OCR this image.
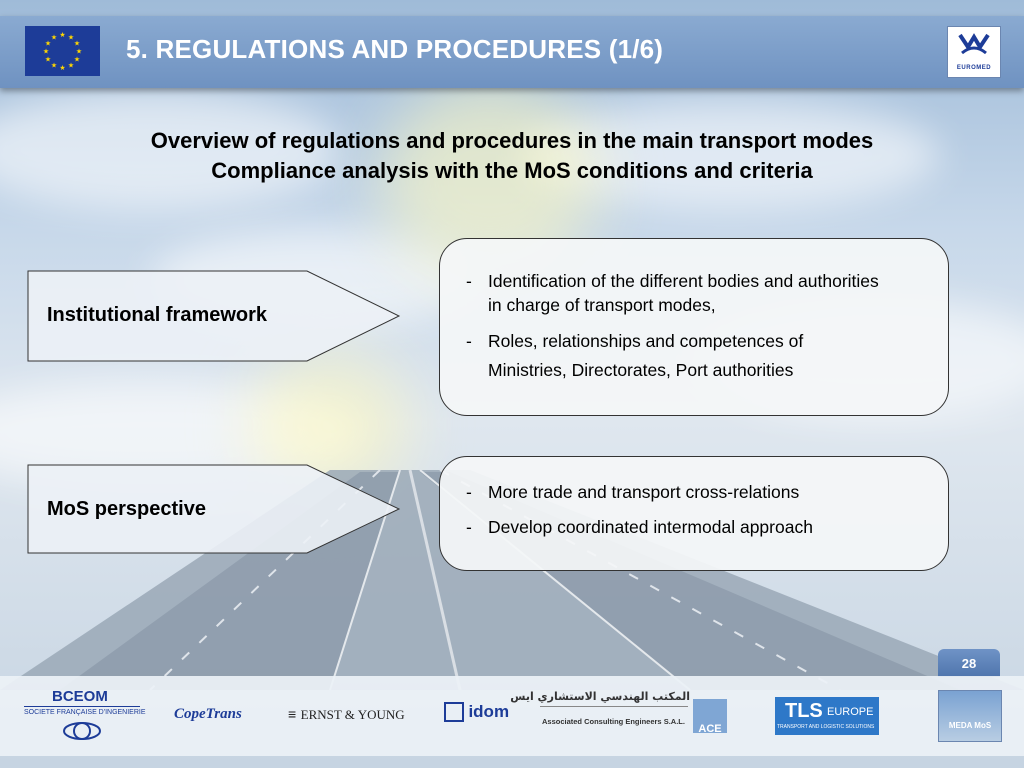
★ ★
★
★
★
★
★
★
★
★
★
★	5. REGULATIONS AND PROCEDURES (1/6)
EUROMED
Overview of regulations and procedures in the main transport modes
Compliance analysis with the MoS conditions and criteria
Institutional framework
- Identification of the different bodies and authorities
in charge of transport modes,
- Roles, relationships and competences of
Ministries, Directorates, Port authorities
MoS perspective
- More trade and transport cross-relations
- Develop coordinated intermodal approach
28
BCEOM
SOCIETE FRANÇAISE D'INGENIERIE CopeTrans	≡ ERNST & YOUNG	idom
المكتب الهندسي الاستشاري ايس
Associated Consulting Engineers S.A.L.
ACE
TLS EUROPE
TRANSPORT AND LOGISTIC SOLUTIONS	MEDA MoS
